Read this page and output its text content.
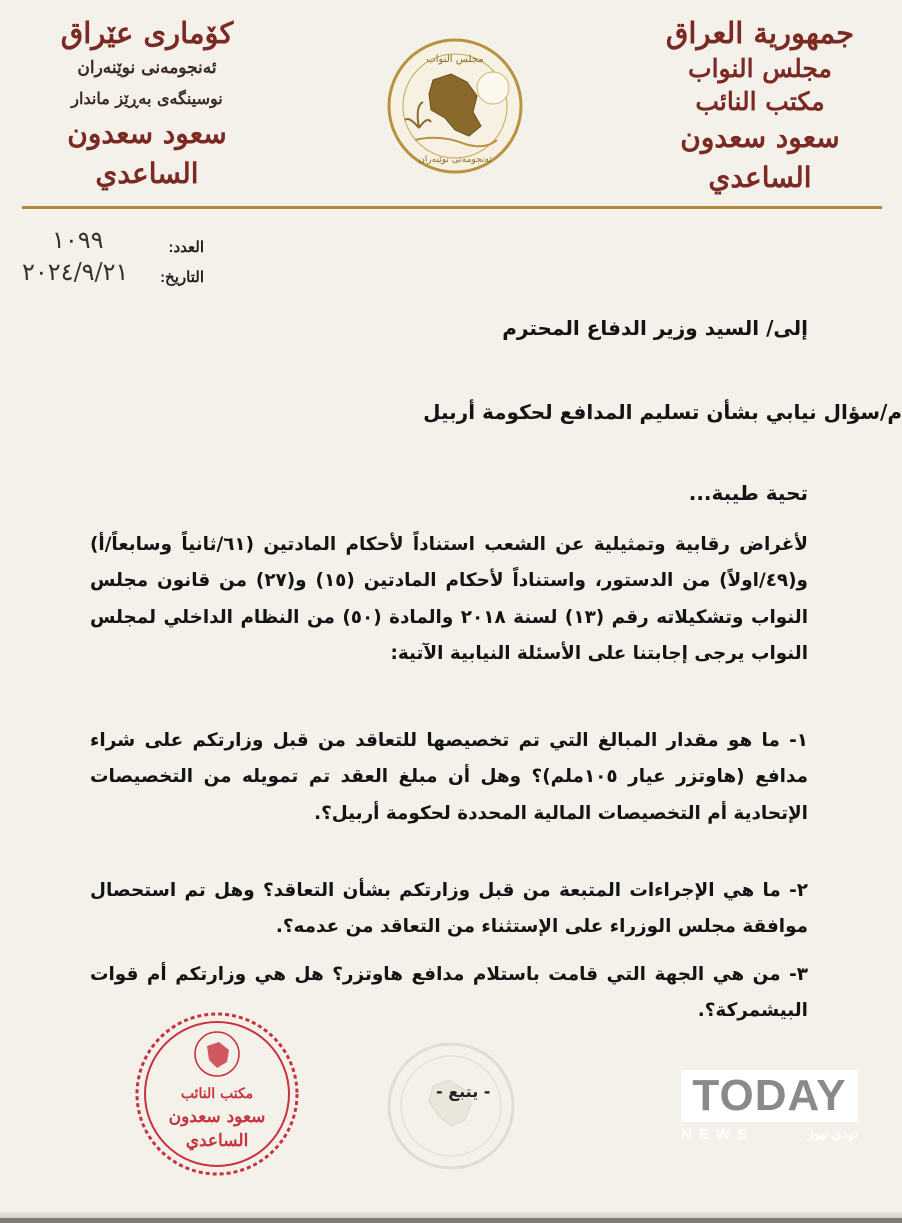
جمهورية العراق
مجلس النواب
مكتب النائب
سعود سعدون الساعدي
مجلس النواب
ئەنجومەنی نوێنەران
كۆماری عێراق
ئەنجومەنی نوێنەران
نوسینگەی بەڕێز ماندار
سعود سعدون الساعدي
العدد:
١٠٩٩
التاريخ:
٢٠٢٤/٩/٢١
إلى/ السيد وزير الدفاع المحترم
م/سؤال نيابي بشأن تسليم المدافع لحكومة أربيل
تحية طيبة...
لأغراض رقابية وتمثيلية عن الشعب استناداً لأحكام المادتين (٦١/ثانياً وسابعاً/أ) و(٤٩/اولاً) من الدستور، واستناداً لأحكام المادتين (١٥) و(٢٧) من قانون مجلس النواب وتشكيلاته رقم (١٣) لسنة ٢٠١٨ والمادة (٥٠) من النظام الداخلي لمجلس النواب يرجى إجابتنا على الأسئلة النيابية الآتية:
١- ما هو مقدار المبالغ التي تم تخصيصها للتعاقد من قبل وزارتكم على شراء مدافع (هاوتزر عيار ١٠٥ملم)؟ وهل أن مبلغ العقد تم تمويله من التخصيصات الإتحادية أم التخصيصات المالية المحددة لحكومة أربيل؟.
٢- ما هي الإجراءات المتبعة من قبل وزارتكم بشأن التعاقد؟ وهل تم استحصال موافقة مجلس الوزراء على الإستثناء من التعاقد من عدمه؟.
٣- من هي الجهة التي قامت باستلام مدافع هاوتزر؟ هل هي وزارتكم أم قوات البيشمركة؟.
مكتب النائب
سعود سعدون
الساعدي
- يتبع -	TODAY
NEWS	تودي نيوز
